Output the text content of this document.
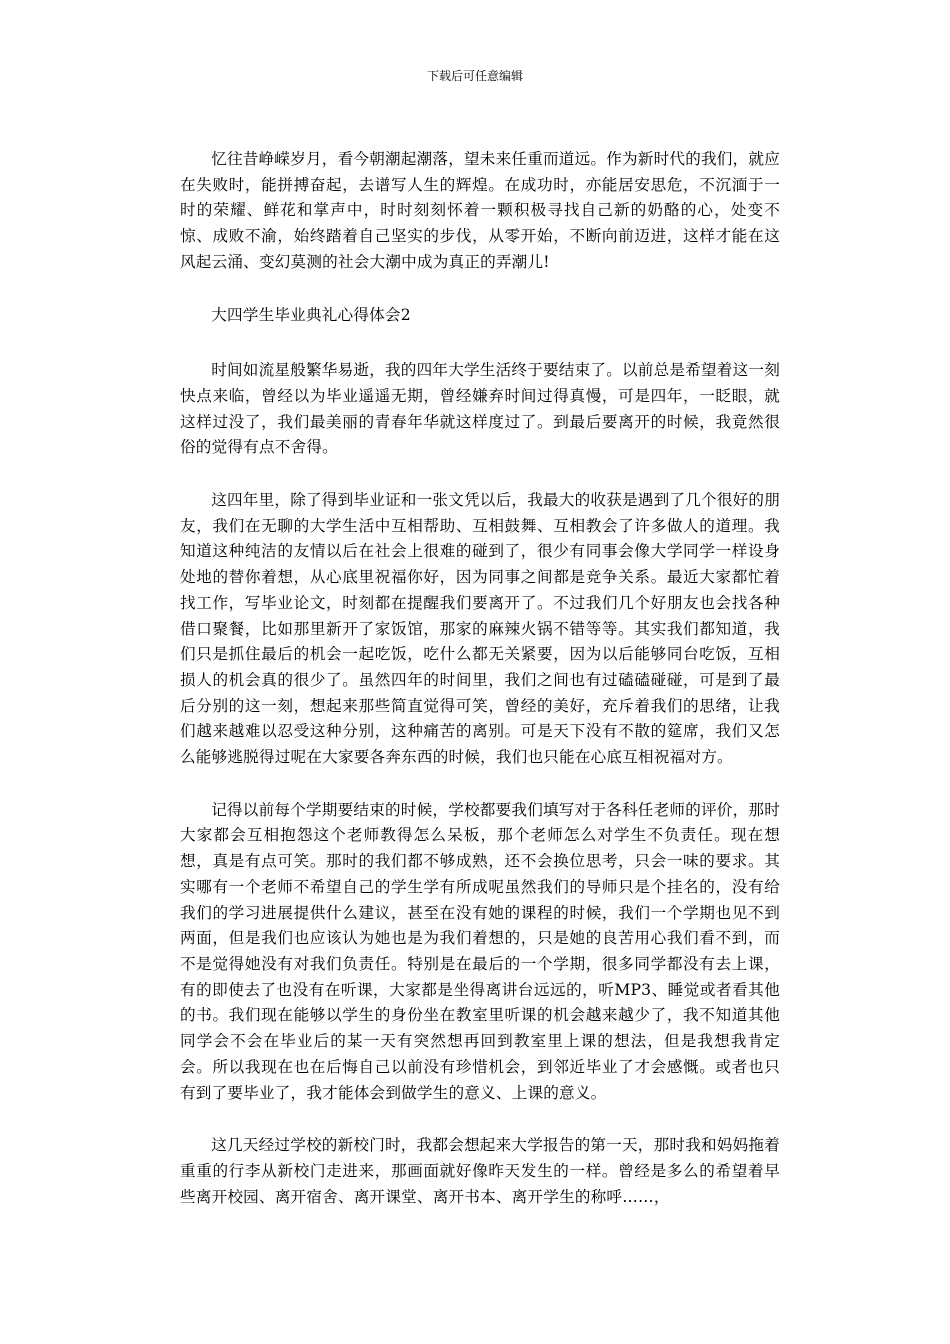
下载后可任意编辑

忆往昔峥嵘岁月，看今朝潮起潮落，望未来任重而道远。作为新时代的我们，就应在失败时，能拼搏奋起，去谱写人生的辉煌。在成功时，亦能居安思危，不沉湎于一时的荣耀、鲜花和掌声中，时时刻刻怀着一颗积极寻找自己新的奶酪的心，处变不惊、成败不渝，始终踏着自己坚实的步伐，从零开始，不断向前迈进，这样才能在这风起云涌、变幻莫测的社会大潮中成为真正的弄潮儿!

大四学生毕业典礼心得体会2

时间如流星般繁华易逝，我的四年大学生活终于要结束了。以前总是希望着这一刻快点来临，曾经以为毕业遥遥无期，曾经嫌弃时间过得真慢，可是四年，一眨眼，就这样过没了，我们最美丽的青春年华就这样度过了。到最后要离开的时候，我竟然很俗的觉得有点不舍得。

这四年里，除了得到毕业证和一张文凭以后，我最大的收获是遇到了几个很好的朋友，我们在无聊的大学生活中互相帮助、互相鼓舞、互相教会了许多做人的道理。我知道这种纯洁的友情以后在社会上很难的碰到了，很少有同事会像大学同学一样设身处地的替你着想，从心底里祝福你好，因为同事之间都是竞争关系。最近大家都忙着找工作，写毕业论文，时刻都在提醒我们要离开了。不过我们几个好朋友也会找各种借口聚餐，比如那里新开了家饭馆，那家的麻辣火锅不错等等。其实我们都知道，我们只是抓住最后的机会一起吃饭，吃什么都无关紧要，因为以后能够同台吃饭，互相损人的机会真的很少了。虽然四年的时间里，我们之间也有过磕磕碰碰，可是到了最后分别的这一刻，想起来那些简直觉得可笑，曾经的美好，充斥着我们的思绪，让我们越来越难以忍受这种分别，这种痛苦的离别。可是天下没有不散的筵席，我们又怎么能够逃脱得过呢在大家要各奔东西的时候，我们也只能在心底互相祝福对方。

记得以前每个学期要结束的时候，学校都要我们填写对于各科任老师的评价，那时大家都会互相抱怨这个老师教得怎么呆板，那个老师怎么对学生不负责任。现在想想，真是有点可笑。那时的我们都不够成熟，还不会换位思考，只会一味的要求。其实哪有一个老师不希望自己的学生学有所成呢虽然我们的导师只是个挂名的，没有给我们的学习进展提供什么建议，甚至在没有她的课程的时候，我们一个学期也见不到两面，但是我们也应该认为她也是为我们着想的，只是她的良苦用心我们看不到，而不是觉得她没有对我们负责任。特别是在最后的一个学期，很多同学都没有去上课，有的即使去了也没有在听课，大家都是坐得离讲台远远的，听MP3、睡觉或者看其他的书。我们现在能够以学生的身份坐在教室里听课的机会越来越少了，我不知道其他同学会不会在毕业后的某一天有突然想再回到教室里上课的想法，但是我想我肯定会。所以我现在也在后悔自己以前没有珍惜机会，到邻近毕业了才会感慨。或者也只有到了要毕业了，我才能体会到做学生的意义、上课的意义。

这几天经过学校的新校门时，我都会想起来大学报告的第一天，那时我和妈妈拖着重重的行李从新校门走进来，那画面就好像昨天发生的一样。曾经是多么的希望着早些离开校园、离开宿舍、离开课堂、离开书本、离开学生的称呼……，
